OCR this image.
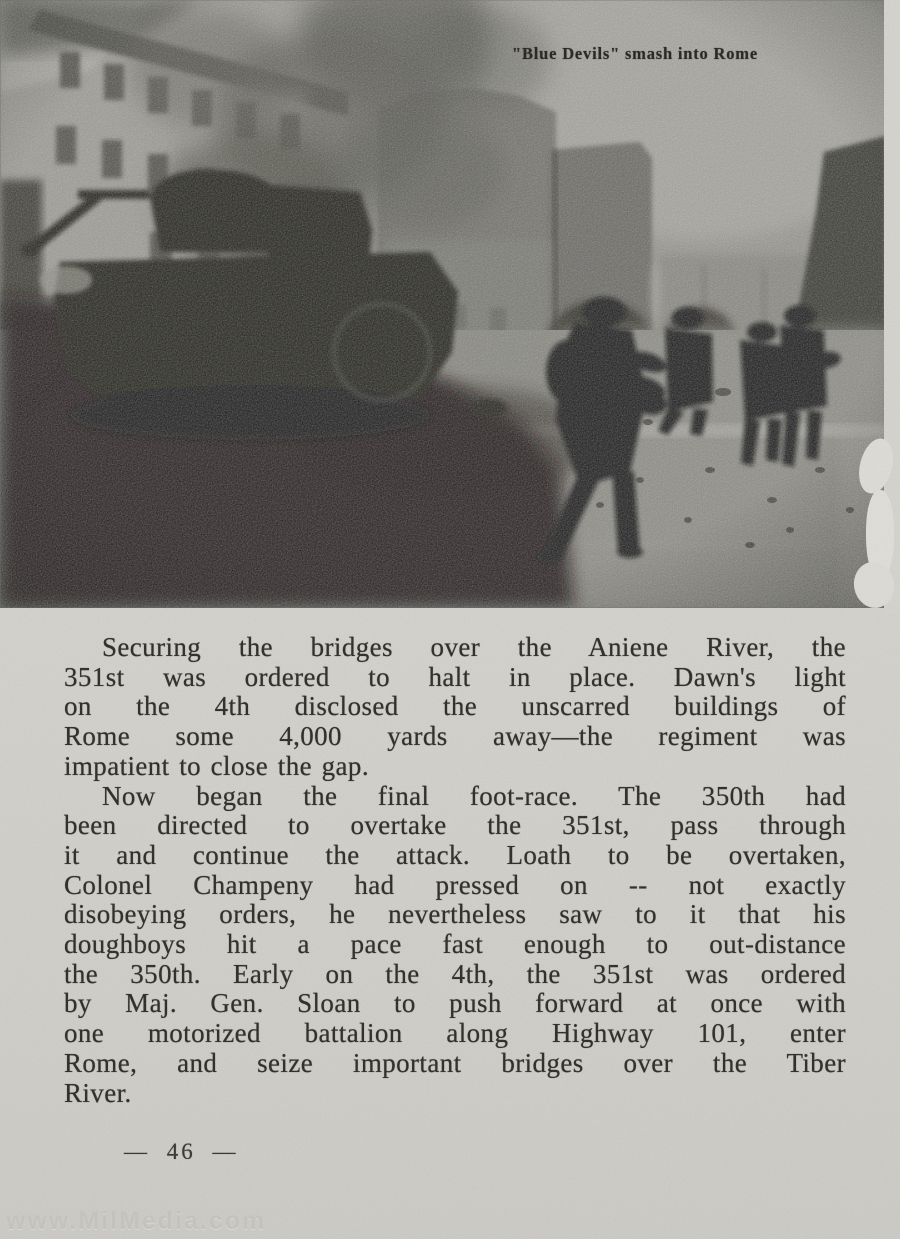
"Blue Devils" smash into Rome
Securing the bridges over the Aniene River, the
351st was ordered to halt in place. Dawn's light
on the 4th disclosed the unscarred buildings of
Rome some 4,000 yards away—the regiment was
impatient to close the gap.
Now began the final foot-race. The 350th had
been directed to overtake the 351st, pass through
it and continue the attack. Loath to be overtaken,
Colonel Champeny had pressed on -- not exactly
disobeying orders, he nevertheless saw to it that his
doughboys hit a pace fast enough to out-distance
the 350th. Early on the 4th, the 351st was ordered
by Maj. Gen. Sloan to push forward at once with
one motorized battalion along Highway 101, enter
Rome, and seize important bridges over the Tiber
River.
— 46 —
www.MilMedia.com
